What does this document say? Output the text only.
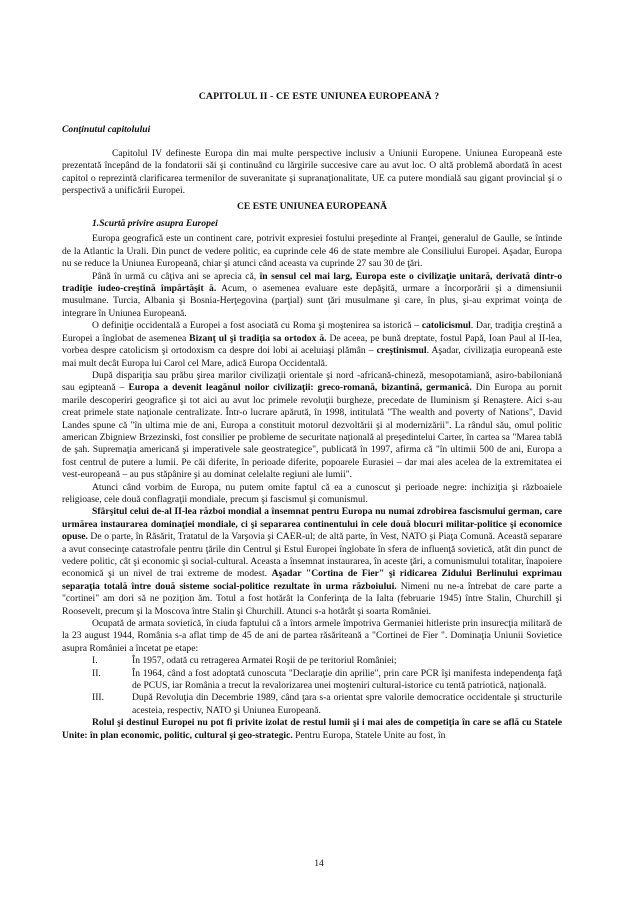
CAPITOLUL II - CE ESTE UNIUNEA EUROPEANĂ ?
Conţinutul capitolului

Capitolul IV defineste Europa din mai multe perspective inclusiv a Uniunii Europene. Uniunea Europeană este prezentată începând de la fondatorii săi şi continuând cu lărgirile succesive care au avut loc. O altă problemă abordată în acest capitol o reprezintă clarificarea termenilor de suveranitate şi supranaţionalitate, UE ca putere mondială sau gigant provincial şi o perspectivă a unificării Europei.

CE ESTE UNIUNEA EUROPEANĂ
1.Scurtă privire asupra Europei

Europa geografică este un continent care, potrivit expresiei fostului preşedinte al Franţei, generalul de Gaulle, se întinde de la Atlantic la Urali. Din punct de vedere politic, ea cuprinde cele 46 de state membre ale Consiliului Europei. Aşadar, Europa nu se reduce la Uniunea Europeană, chiar şi atunci când aceasta va cuprinde 27 sau 30 de ţări.

Până în urmă cu câţiva ani se aprecia că, în sensul cel mai larg, Europa este o civilizaţie unitară, derivată dintr-o tradiţie iudeo-creştină împărtăşit ă. Acum, o asemenea evaluare este depăşită, urmare a încorporării şi a dimensiunii musulmane. Turcia, Albania şi Bosnia-Herţegovina (parţial) sunt ţări musulmane şi care, în plus, şi-au exprimat voinţa de integrare în Uniunea Europeană.

O definiţie occidentală a Europei a fost asociată cu Roma şi moştenirea sa istorică – catolicismul. Dar, tradiţia creştină a Europei a înglobat de asemenea Bizanţ ul şi tradiţia sa ortodox ă. De aceea, pe bună dreptate, fostul Papă, Ioan Paul al II-lea, vorbea despre catolicism şi ortodoxism ca despre doi lobi ai aceluiaşi plămân – creştinismul. Aşadar, civilizaţia europeană este mai mult decât Europa lui Carol cel Mare, adică Europa Occidentală.

După dispariţia sau prăbu şirea marilor civilizaţii orientale şi nord -africană-chineză, mesopotamiană, asiro-babiloniană sau egipteană – Europa a devenit leagănul noilor civilizaţii: greco-romană, bizantină, germanică. Din Europa au pornit marile descoperiri geografice şi tot aici au avut loc primele revoluţii burgheze, precedate de Iluminism şi Renaştere. Aici s-au creat primele state naţionale centralizate. Într-o lucrare apărută, în 1998, intitulată "The wealth and poverty of Nations", David Landes spune că "în ultima mie de ani, Europa a constituit motorul dezvoltării şi al modernizării". La rândul său, omul politic american Zbigniew Brzezinski, fost consilier pe probleme de securitate naţională al preşedintelui Carter, în cartea sa "Marea tablă de şah. Supremaţia americană şi imperativele sale geostrategice", publicată în 1997, afirma că "în ultimii 500 de ani, Europa a fost centrul de putere a lumii. Pe căi diferite, în perioade diferite, popoarele Eurasiei – dar mai ales acelea de la extremitatea ei vest-europeană – au pus stăpânire şi au dominat celelalte regiuni ale lumii".

Atunci când vorbim de Europa, nu putem omite faptul că ea a cunoscut şi perioade negre: inchiziţia şi războaiele religioase, cele două conflagraţii mondiale, precum şi fascismul şi comunismul.

Sfârşitul celui de-al II-lea război mondial a însemnat pentru Europa nu numai zdrobirea fascismului german, care urmărea instaurarea dominaţiei mondiale, ci şi separarea continentului în cele două blocuri militar-politice şi economice opuse. De o parte, în Răsărit, Tratatul de la Varşovia şi CAER-ul; de altă parte, în Vest, NATO şi Piaţa Comună. Această separare a avut consecinţe catastrofale pentru ţările din Centrul şi Estul Europei înglobate în sfera de influenţă sovietică, atât din punct de vedere politic, cât şi economic şi social-cultural. Aceasta a însemnat instaurarea, în aceste ţări, a comunismului totalitar, înapoiere economică şi un nivel de trai extreme de modest. Aşadar "Cortina de Fier" şi ridicarea Zidului Berlinului exprimau separaţia totală între două sisteme social-politice rezultate în urma războiului. Nimeni nu ne-a întrebat de care parte a "cortinei" am dori să ne poziţion ăm. Totul a fost hotărât la Conferinţa de la Ialta (februarie 1945) între Stalin, Churchill şi Roosevelt, precum şi la Moscova între Stalin şi Churchill. Atunci s-a hotărât şi soarta României.

Ocupată de armata sovietică, în ciuda faptului că a întors armele împotriva Germaniei hitleriste prin insurecţia militară de la 23 august 1944, România s-a aflat timp de 45 de ani de partea răsăriteană a "Cortinei de Fier ". Dominaţia Uniunii Sovietice asupra României a încetat pe etape:

I.	În 1957, odată cu retragerea Armatei Roşii de pe teritoriul României;
II.	În 1964, când a fost adoptată cunoscuta "Declaraţie din aprilie", prin care PCR îşi manifesta independenţa faţă de PCUS, iar România a trecut la revalorizarea unei moşteniri cultural-istorice cu tentă patriotică, naţională.
III.	După Revoluţia din Decembrie 1989, când ţara s-a orientat spre valorile democratice occidentale şi structurile acesteia, respectiv, NATO şi Uniunea Europeană.

Rolul şi destinul Europei nu pot fi privite izolat de restul lumii şi i mai ales de competiţia în care se află cu Statele Unite: în plan economic, politic, cultural şi geo-strategic. Pentru Europa, Statele Unite au fost, în

14
